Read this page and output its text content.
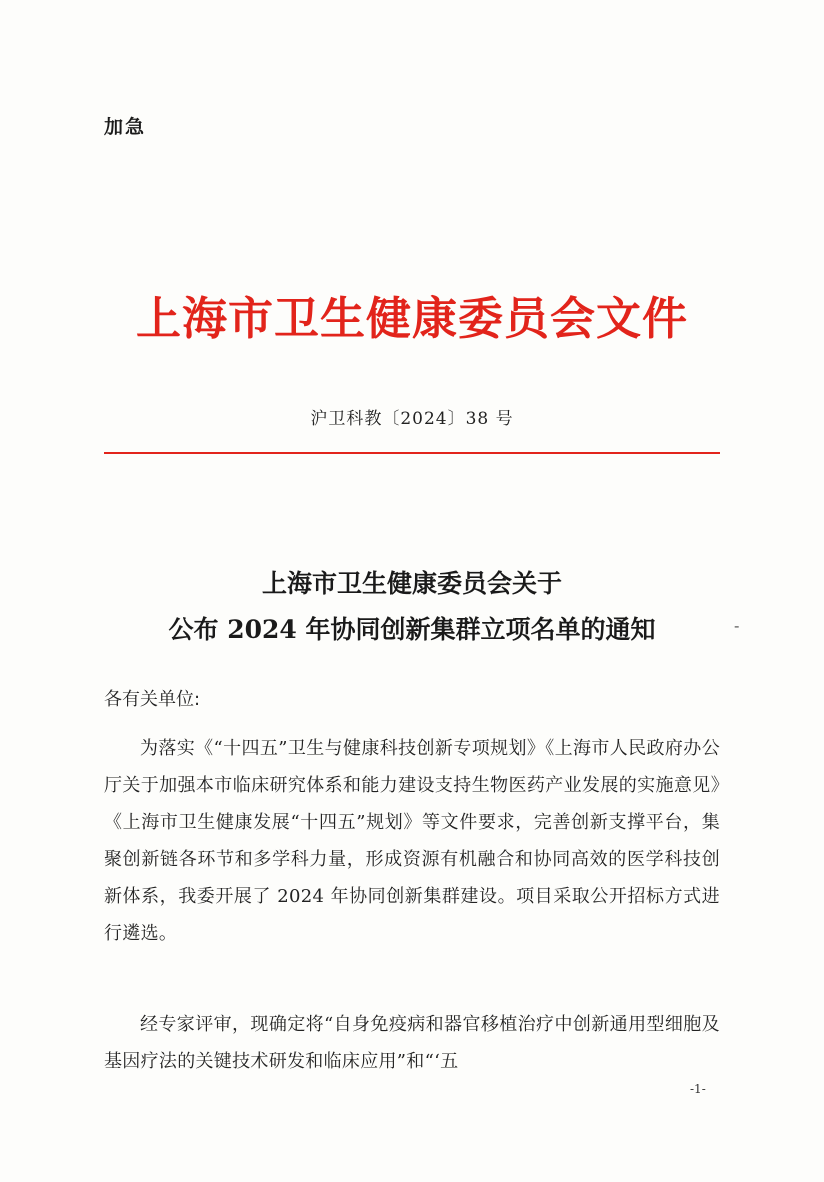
加急
上海市卫生健康委员会文件
沪卫科教〔2024〕38 号
上海市卫生健康委员会关于
公布 2024 年协同创新集群立项名单的通知	-
各有关单位:

为落实《“十四五”卫生与健康科技创新专项规划》《上海市人民政府办公厅关于加强本市临床研究体系和能力建设支持生物医药产业发展的实施意见》《上海市卫生健康发展“十四五”规划》等文件要求，完善创新支撑平台，集聚创新链各环节和多学科力量，形成资源有机融合和协同高效的医学科技创新体系，我委开展了 2024 年协同创新集群建设。项目采取公开招标方式进行遴选。

经专家评审，现确定将“自身免疫病和器官移植治疗中创新通用型细胞及基因疗法的关键技术研发和临床应用”和“‘五

-1-
